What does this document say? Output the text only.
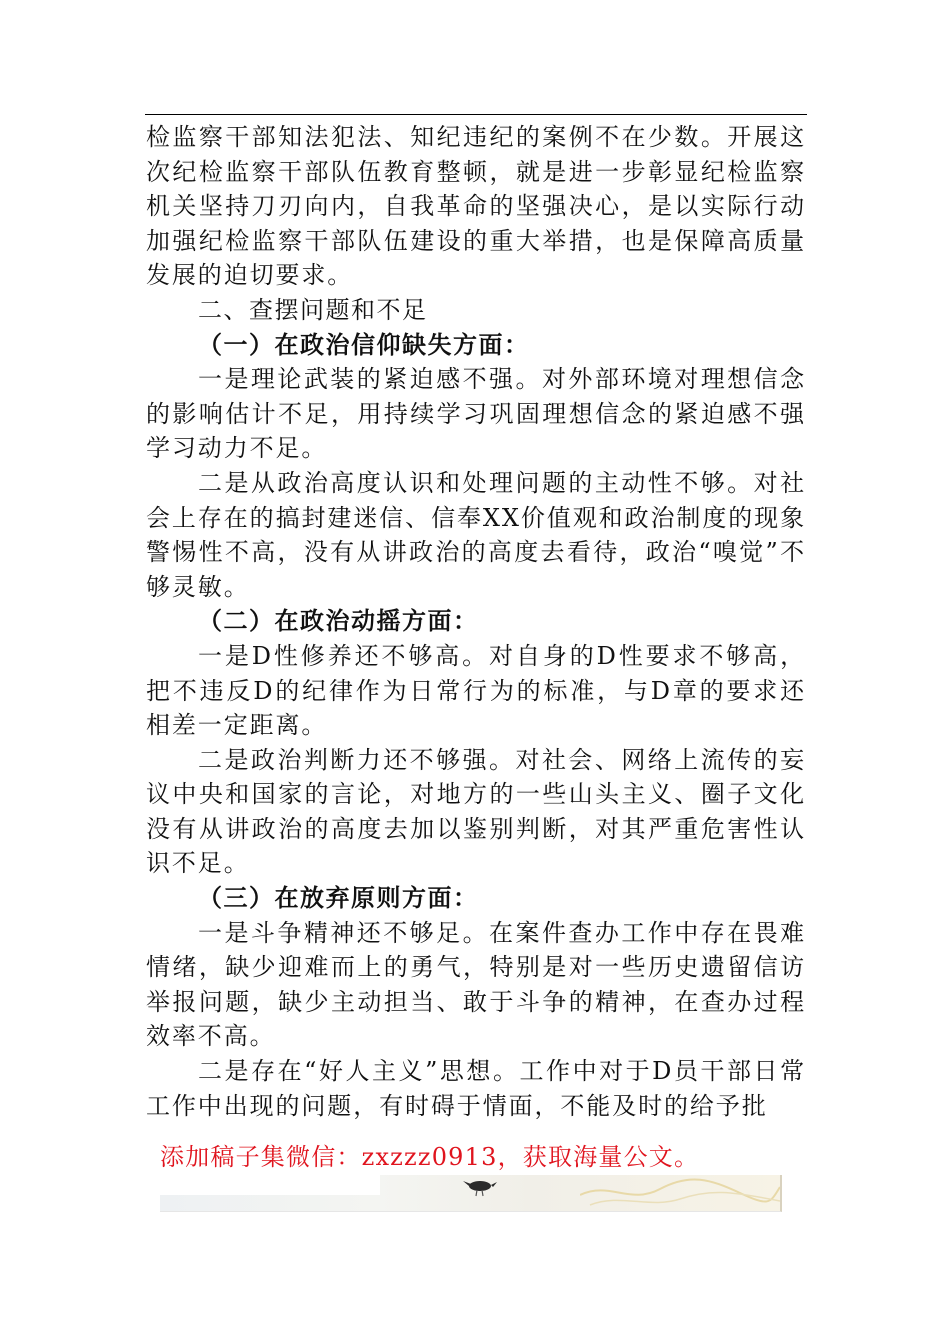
检监察干部知法犯法、知纪违纪的案例不在少数。开展这次纪检监察干部队伍教育整顿，就是进一步彰显纪检监察机关坚持刀刃向内，自我革命的坚强决心，是以实际行动加强纪检监察干部队伍建设的重大举措，也是保障高质量发展的迫切要求。

二、查摆问题和不足

（一）在政治信仰缺失方面：

一是理论武装的紧迫感不强。对外部环境对理想信念的影响估计不足，用持续学习巩固理想信念的紧迫感不强学习动力不足。

二是从政治高度认识和处理问题的主动性不够。对社会上存在的搞封建迷信、信奉XX价值观和政治制度的现象警惕性不高，没有从讲政治的高度去看待，政治“嗅觉”不够灵敏。

（二）在政治动摇方面：

一是D性修养还不够高。对自身的D性要求不够高，把不违反D的纪律作为日常行为的标准，与D章的要求还相差一定距离。

二是政治判断力还不够强。对社会、网络上流传的妄议中央和国家的言论，对地方的一些山头主义、圈子文化没有从讲政治的高度去加以鉴别判断，对其严重危害性认识不足。

（三）在放弃原则方面：

一是斗争精神还不够足。在案件查办工作中存在畏难情绪，缺少迎难而上的勇气，特别是对一些历史遗留信访举报问题，缺少主动担当、敢于斗争的精神，在查办过程效率不高。

二是存在“好人主义”思想。工作中对于D员干部日常工作中出现的问题，有时碍于情面，不能及时的给予批

添加稿子集微信：zxzzz0913，获取海量公文。
